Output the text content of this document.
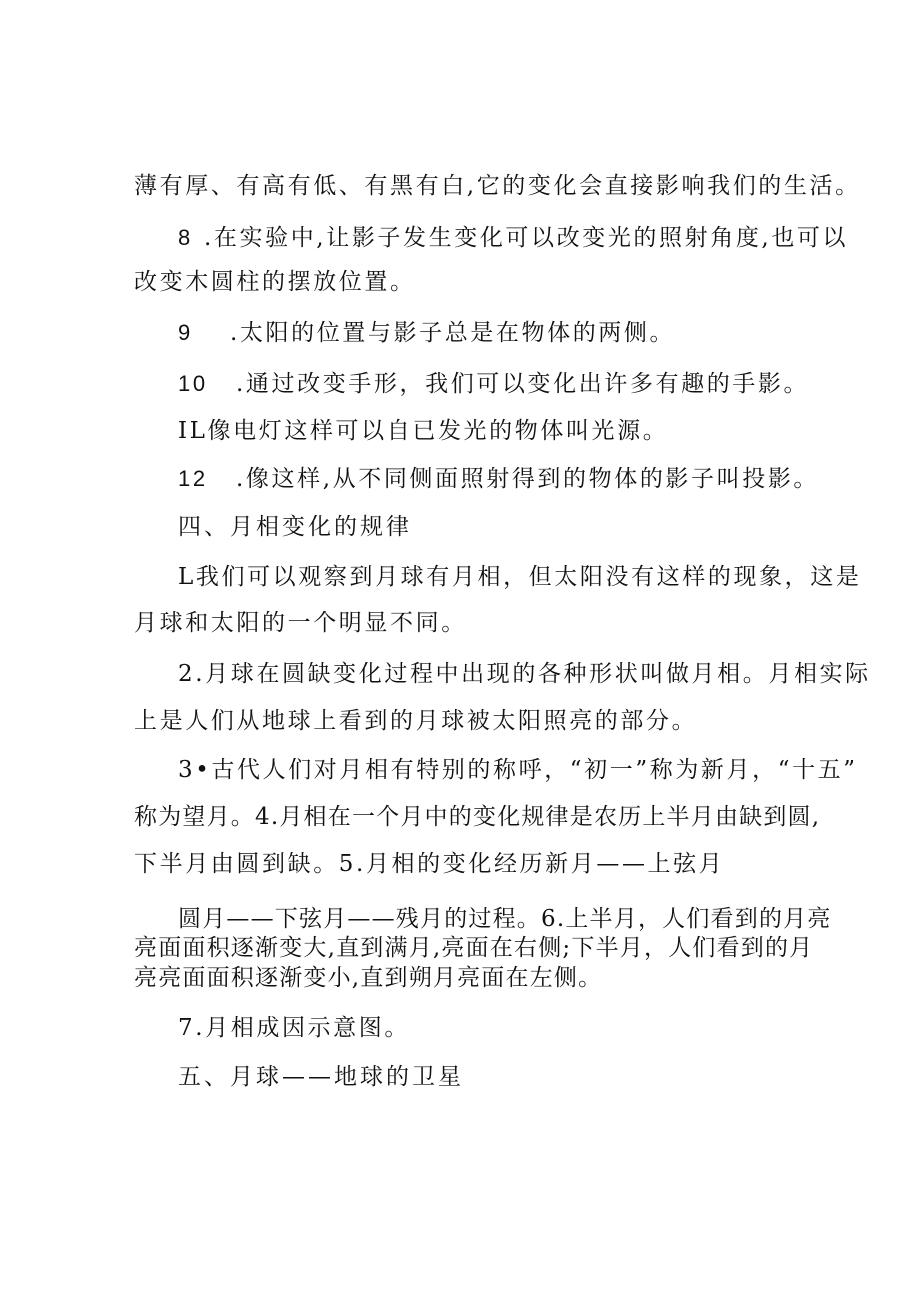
薄有厚、有高有低、有黑有白,它的变化会直接影响我们的生活。
8 .在实验中,让影子发生变化可以改变光的照射角度,也可以
改变木圆柱的摆放位置。
9 .太阳的位置与影子总是在物体的两侧。
10 .通过改变手形，我们可以变化出许多有趣的手影。
IL像电灯这样可以自已发光的物体叫光源。
12 .像这样,从不同侧面照射得到的物体的影子叫投影。
四、月相变化的规律
L我们可以观察到月球有月相，但太阳没有这样的现象，这是
月球和太阳的一个明显不同。
2.月球在圆缺变化过程中出现的各种形状叫做月相。月相实际
上是人们从地球上看到的月球被太阳照亮的部分。
3•古代人们对月相有特别的称呼，“初一”称为新月，“十五”
称为望月。4.月相在一个月中的变化规律是农历上半月由缺到圆,
下半月由圆到缺。5.月相的变化经历新月——上弦月
圆月——下弦月——残月的过程。6.上半月，人们看到的月亮
亮面面积逐渐变大,直到满月,亮面在右侧;下半月，人们看到的月
亮亮面面积逐渐变小,直到朔月亮面在左侧。
7.月相成因示意图。
五、月球——地球的卫星
